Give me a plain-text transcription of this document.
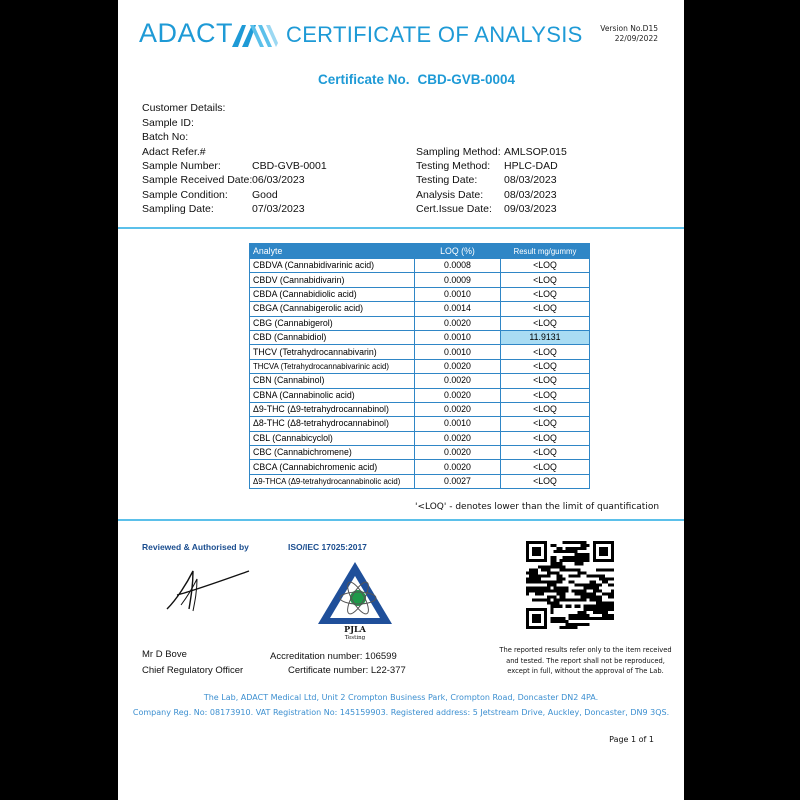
ADACT CERTIFICATE OF ANALYSIS Version No.D15
22/09/2022
Certificate No. CBD-GVB-0004
Customer Details:
Sample ID:
Batch No:
Adact Refer.#
Sample Number:	CBD-GVB-0001
Sample Received Date: 06/03/2023
Sample Condition: Good
Sampling Date:	07/03/2023
Sampling Method: AMLSOP.015
Testing Method: HPLC-DAD
Testing Date:	08/03/2023
Analysis Date: 08/03/2023
Cert.Issue Date: 09/03/2023
Analyte	LOQ (%)	Result mg/gummy
CBDVA (Cannabidivarinic acid)	0.0008	<LOQ
CBDV (Cannabidivarin)	0.0009	<LOQ
CBDA (Cannabidiolic acid)	0.0010	<LOQ
CBGA (Cannabigerolic acid)	0.0014	<LOQ
CBG (Cannabigerol)	0.0020	<LOQ
CBD (Cannabidiol)	0.0010	11.9131
THCV (Tetrahydrocannabivarin)	0.0010	<LOQ
THCVA (Tetrahydrocannabivarinic acid)	0.0020	<LOQ
CBN (Cannabinol)	0.0020	<LOQ
CBNA (Cannabinolic acid)	0.0020	<LOQ
Δ9-THC (Δ9-tetrahydrocannabinol)	0.0020	<LOQ
Δ8-THC (Δ8-tetrahydrocannabinol)	0.0010	<LOQ
CBL (Cannabicyclol)	0.0020	<LOQ
CBC (Cannabichromene)	0.0020	<LOQ
CBCA (Cannabichromenic acid)	0.0020	<LOQ
Δ9-THCA (Δ9-tetrahydrocannabinolic acid)	0.0027	<LOQ
'<LOQ' - denotes lower than the limit of quantification
Reviewed & Authorised by	ISO/IEC 17025:2017
PJLA
Testing
Mr D Bove
Chief Regulatory Officer
Accreditation number: 106599
Certificate number: L22-377
The reported results refer only to the item received and tested. The report shall not be reproduced, except in full, without the approval of The Lab.
The Lab, ADACT Medical Ltd, Unit 2 Crompton Business Park, Crompton Road, Doncaster DN2 4PA.
Company Reg. No: 08173910. VAT Registration No: 145159903. Registered address: 5 Jetstream Drive, Auckley, Doncaster, DN9 3QS.
Page 1 of 1
